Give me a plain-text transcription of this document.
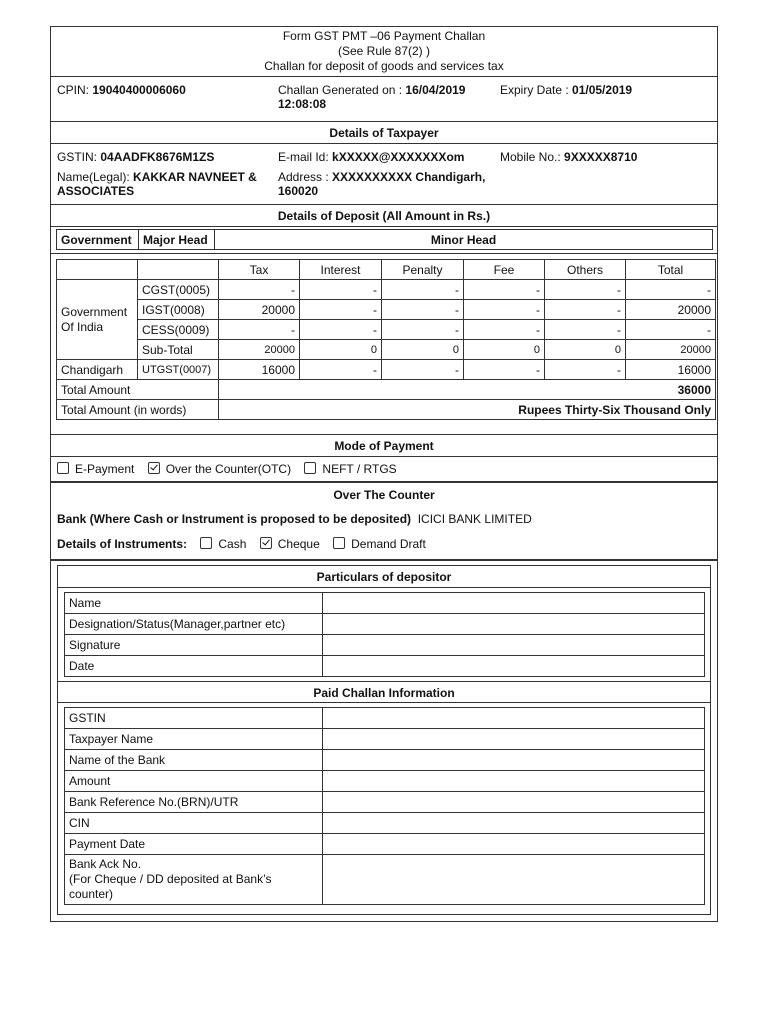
Form GST PMT –06 Payment Challan
(See Rule 87(2) )
Challan for deposit of goods and services tax
CPIN: 19040400006060	Challan Generated on : 16/04/2019
12:08:08
Expiry Date : 01/05/2019
Details of Taxpayer
GSTIN: 04AADFK8676M1ZS	E-mail Id: kXXXXX@XXXXXXXom	Mobile No.: 9XXXXX8710
Name(Legal): KAKKAR NAVNEET &
ASSOCIATES
Address : XXXXXXXXXX Chandigarh,
160020
Details of Deposit (All Amount in Rs.)
Government	Major Head	Minor Head
		Tax	Interest	Penalty	Fee	Others	Total
Government Of India	CGST(0005)	-	-	-	-	-	-
	IGST(0008)	20000	-	-	-	-	20000
	CESS(0009)	-	-	-	-	-	-
	Sub-Total	20000	0	0	0	0	20000
Chandigarh	UTGST(0007)	16000	-	-	-	-	16000
Total Amount		36000					
Total Amount (in words)		Rupees Thirty-Six Thousand Only					
Mode of Payment
E-Payment	Over the Counter(OTC)	NEFT / RTGS
Over The Counter
Bank (Where Cash or Instrument is proposed to be deposited) ICICI BANK LIMITED
Details of Instruments:	Cash	Cheque	Demand Draft
Particulars of depositor
Name	
Designation/Status(Manager,partner etc)	
Signature	
Date	
Paid Challan Information
GSTIN	
Taxpayer Name	
Name of the Bank	
Amount	
Bank Reference No.(BRN)/UTR	
CIN	
Payment Date	

Bank Ack No.
(For Cheque / DD deposited at Bank’s
counter)	
